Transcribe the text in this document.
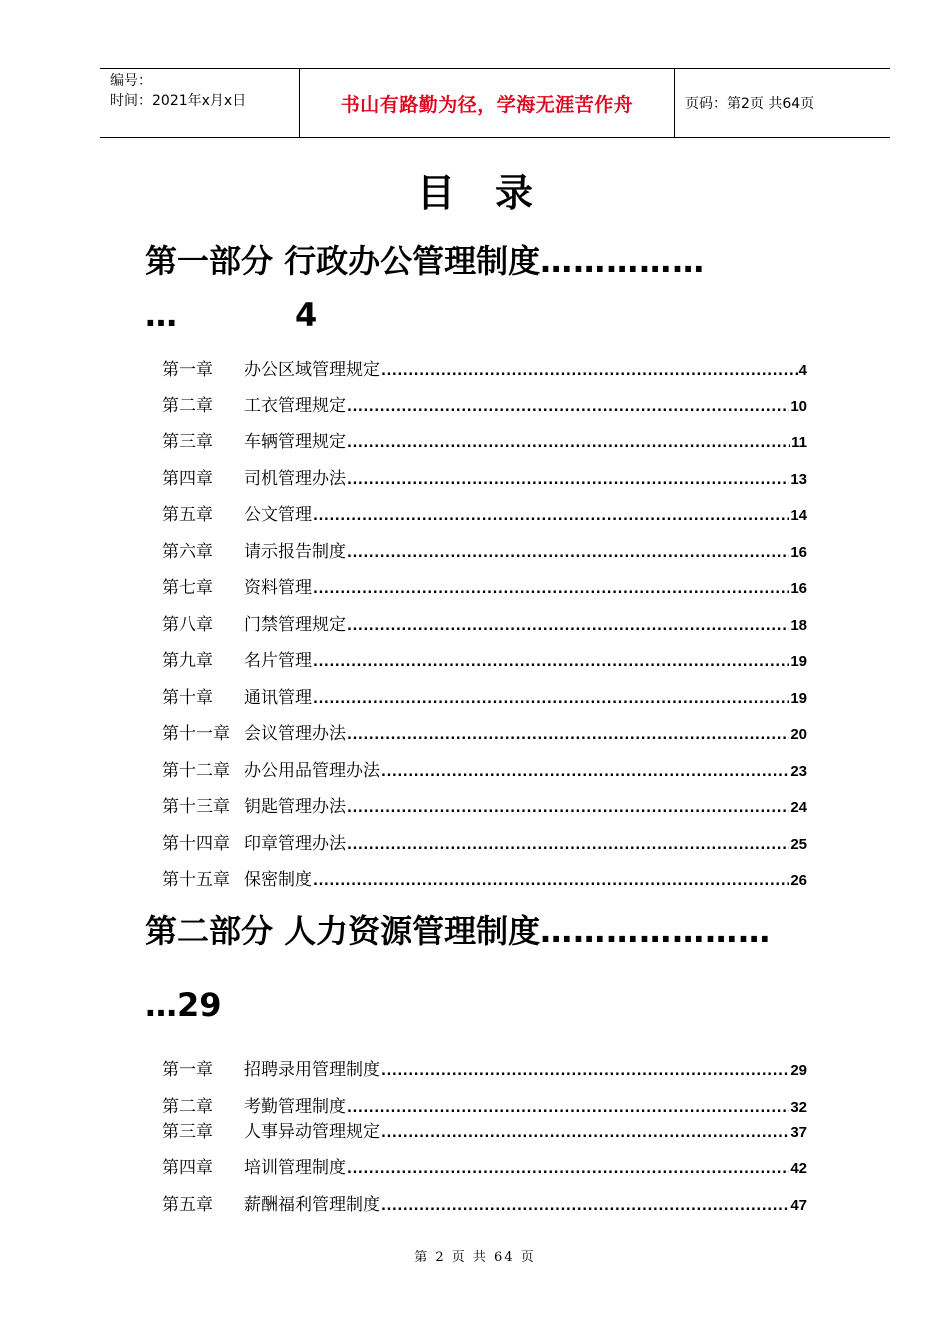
编号：
时间：2021年x月x日	书山有路勤为径，学海无涯苦作舟	页码：第2页 共64页
目录
第一部分 行政办公管理制度……………
…	4
第一章	办公区域管理规定 .....	4
第二章	工衣管理规定 .....	10
第三章	车辆管理规定 .....	11
第四章	司机管理办法 .....	13
第五章	公文管理 .....	14
第六章	请示报告制度 .....	16
第七章	资料管理 .....	16
第八章	门禁管理规定 .....	18
第九章	名片管理 .....	19
第十章	通讯管理 .....	19
第十一章 会议管理办法 .....	20
第十二章 办公用品管理办法 .....	23
第十三章 钥匙管理办法 .....	24
第十四章 印章管理办法 .....	25
第十五章 保密制度 .....	26
第二部分 人力资源管理制度…………………
…29
第一章	招聘录用管理制度 .....	29
第二章	考勤管理制度 .....	32
第三章	人事异动管理规定 .....	37
第四章	培训管理制度 .....	42
第五章	薪酬福利管理制度 .....	47
第 2 页 共 64 页
